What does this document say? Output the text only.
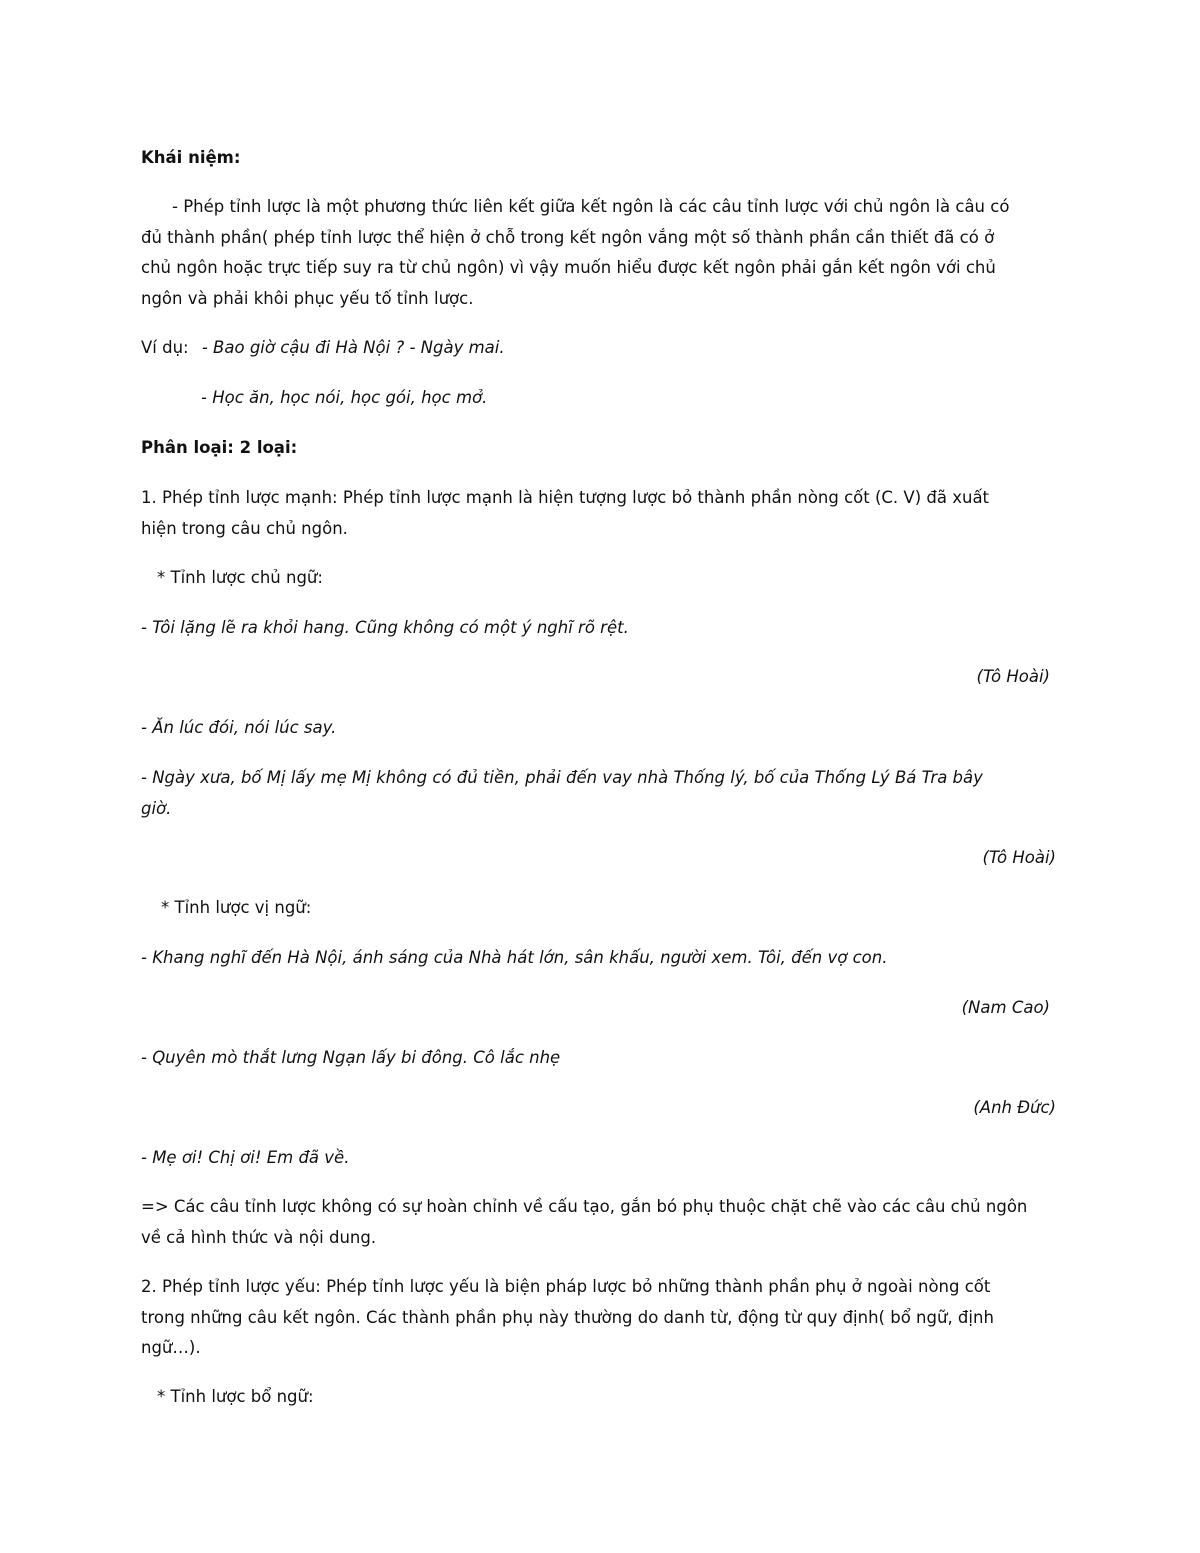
Khái niệm:
- Phép tỉnh lược là một phương thức liên kết giữa kết ngôn là các câu tỉnh lược với chủ ngôn là câu có
đủ thành phần( phép tỉnh lược thể hiện ở chỗ trong kết ngôn vắng một số thành phần cần thiết đã có ở
chủ ngôn hoặc trực tiếp suy ra từ chủ ngôn) vì vậy muốn hiểu được kết ngôn phải gắn kết ngôn với chủ
ngôn và phải khôi phục yếu tố tỉnh lược.
Ví dụ: - Bao giờ cậu đi Hà Nội ? - Ngày mai.
- Học ăn, học nói, học gói, học mở.
Phân loại: 2 loại:
1. Phép tỉnh lược mạnh: Phép tỉnh lược mạnh là hiện tượng lược bỏ thành phần nòng cốt (C. V) đã xuất
hiện trong câu chủ ngôn.
* Tỉnh lược chủ ngữ:
- Tôi lặng lẽ ra khỏi hang. Cũng không có một ý nghĩ rõ rệt.
(Tô Hoài)
- Ăn lúc đói, nói lúc say.
- Ngày xưa, bố Mị lấy mẹ Mị không có đủ tiền, phải đến vay nhà Thống lý, bố của Thống Lý Bá Tra bây
giờ.
(Tô Hoài)
* Tỉnh lược vị ngữ:
- Khang nghĩ đến Hà Nội, ánh sáng của Nhà hát lớn, sân khấu, người xem. Tôi, đến vợ con.
(Nam Cao)
- Quyên mò thắt lưng Ngạn lấy bi đông. Cô lắc nhẹ
(Anh Đức)
- Mẹ ơi! Chị ơi! Em đã về.
=> Các câu tỉnh lược không có sự hoàn chỉnh về cấu tạo, gắn bó phụ thuộc chặt chẽ vào các câu chủ ngôn
về cả hình thức và nội dung.
2. Phép tỉnh lược yếu: Phép tỉnh lược yếu là biện pháp lược bỏ những thành phần phụ ở ngoài nòng cốt
trong những câu kết ngôn. Các thành phần phụ này thường do danh từ, động từ quy định( bổ ngữ, định
ngữ…).
* Tỉnh lược bổ ngữ:
